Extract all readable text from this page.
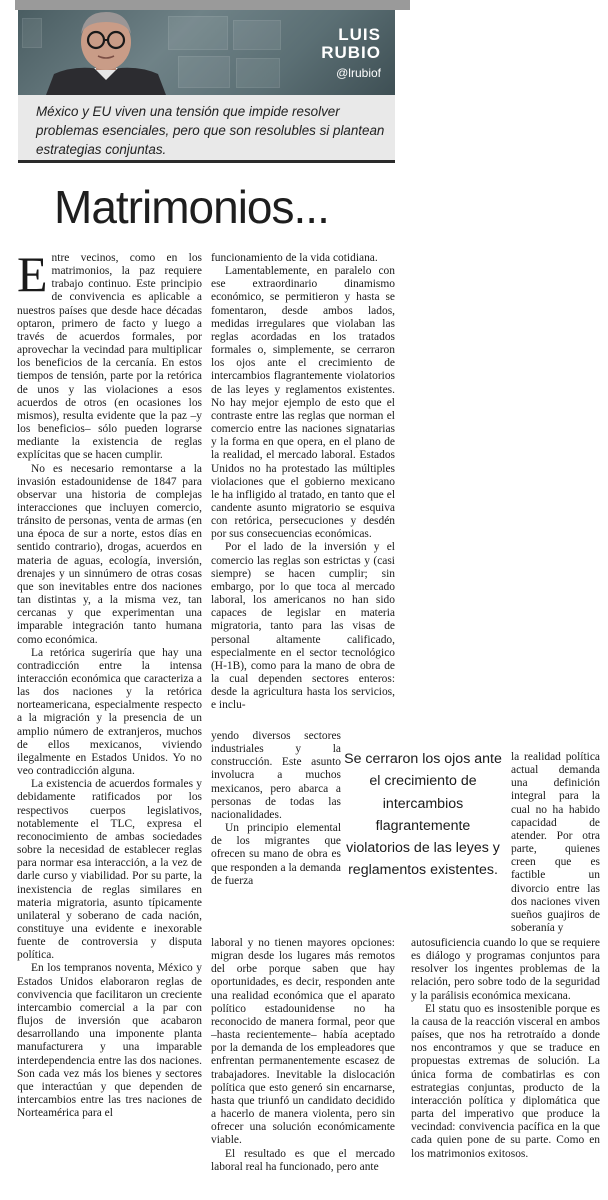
LUIS
RUBIO
@lrubiof
México y EU viven una tensión que impide resolver problemas esenciales, pero que son resolubles si plantean estrategias conjuntas.
Matrimonios...

Entre vecinos, como en los matrimonios, la paz requiere trabajo continuo. Este principio de convivencia es aplicable a nuestros países que desde hace décadas optaron, primero de facto y luego a través de acuerdos formales, por aprovechar la vecindad para multiplicar los beneficios de la cercanía. En estos tiempos de tensión, parte por la retórica de unos y las violaciones a esos acuerdos de otros (en ocasiones los mismos), resulta evidente que la paz –y los beneficios– sólo pueden lograrse mediante la existencia de reglas explícitas que se hacen cumplir.

No es necesario remontarse a la invasión estadounidense de 1847 para observar una historia de complejas interacciones que incluyen comercio, tránsito de personas, venta de armas (en una época de sur a norte, estos días en sentido contrario), drogas, acuerdos en materia de aguas, ecología, inversión, drenajes y un sinnúmero de otras cosas que son inevitables entre dos naciones tan distintas y, a la misma vez, tan cercanas y que experimentan una imparable integración tanto humana como económica.

La retórica sugeriría que hay una contradicción entre la intensa interacción económica que caracteriza a las dos naciones y la retórica norteamericana, especialmente respecto a la migración y la presencia de un amplio número de extranjeros, muchos de ellos mexicanos, viviendo ilegalmente en Estados Unidos. Yo no veo contradicción alguna.

La existencia de acuerdos formales y debidamente ratificados por los respectivos cuerpos legislativos, notablemente el TLC, expresa el reconocimiento de ambas sociedades sobre la necesidad de establecer reglas para normar esa interacción, a la vez de darle curso y viabilidad. Por su parte, la inexistencia de reglas similares en materia migratoria, asunto típicamente unilateral y soberano de cada nación, constituye una evidente e inexorable fuente de controversia y disputa política.

En los tempranos noventa, México y Estados Unidos elaboraron reglas de convivencia que facilitaron un creciente intercambio comercial a la par con flujos de inversión que acabaron desarrollando una imponente planta manufacturera y una imparable interdependencia entre las dos naciones. Son cada vez más los bienes y sectores que interactúan y que dependen de intercambios entre las tres naciones de Norteamérica para el

funcionamiento de la vida cotidiana.

Lamentablemente, en paralelo con ese extraordinario dinamismo económico, se permitieron y hasta se fomentaron, desde ambos lados, medidas irregulares que violaban las reglas acordadas en los tratados formales o, simplemente, se cerraron los ojos ante el crecimiento de intercambios flagrantemente violatorios de las leyes y reglamentos existentes. No hay mejor ejemplo de esto que el contraste entre las reglas que norman el comercio entre las naciones signatarias y la forma en que opera, en el plano de la realidad, el mercado laboral. Estados Unidos no ha protestado las múltiples violaciones que el gobierno mexicano le ha infligido al tratado, en tanto que el candente asunto migratorio se esquiva con retórica, persecuciones y desdén por sus consecuencias económicas.

Por el lado de la inversión y el comercio las reglas son estrictas y (casi siempre) se hacen cumplir; sin embargo, por lo que toca al mercado laboral, los americanos no han sido capaces de legislar en materia migratoria, tanto para las visas de personal altamente calificado, especialmente en el sector tecnológico (H-1B), como para la mano de obra de la cual dependen sectores enteros: desde la agricultura hasta los servicios, e inclu-

yendo diversos sectores industriales y la construcción. Este asunto involucra a muchos mexicanos, pero abarca a personas de todas las nacionalidades.

Un principio elemental de los migrantes que ofrecen su mano de obra es que responden a la demanda de fuerza

Se cerraron los ojos ante el crecimiento de intercambios flagrantemente violatorios de las leyes y reglamentos existentes.

la realidad política actual demanda una definición integral para la cual no ha habido capacidad de atender. Por otra parte, quienes creen que es factible un divorcio entre las dos naciones viven sueños guajiros de soberanía y

laboral y no tienen mayores opciones: migran desde los lugares más remotos del orbe porque saben que hay oportunidades, es decir, responden ante una realidad económica que el aparato político estadounidense no ha reconocido de manera formal, peor que –hasta recientemente– había aceptado por la demanda de los empleadores que enfrentan permanentemente escasez de trabajadores. Inevitable la dislocación política que esto generó sin encarnarse, hasta que triunfó un candidato decidido a hacerlo de manera violenta, pero sin ofrecer una solución económicamente viable.

El resultado es que el mercado laboral real ha funcionado, pero ante

autosuficiencia cuando lo que se requiere es diálogo y programas conjuntos para resolver los ingentes problemas de la relación, pero sobre todo de la seguridad y la parálisis económica mexicana.

El statu quo es insostenible porque es la causa de la reacción visceral en ambos países, que nos ha retrotraído a donde nos encontramos y que se traduce en propuestas extremas de solución. La única forma de combatirlas es con estrategias conjuntas, producto de la interacción política y diplomática que parta del imperativo que produce la vecindad: convivencia pacífica en la que cada quien pone de su parte. Como en los matrimonios exitosos.
